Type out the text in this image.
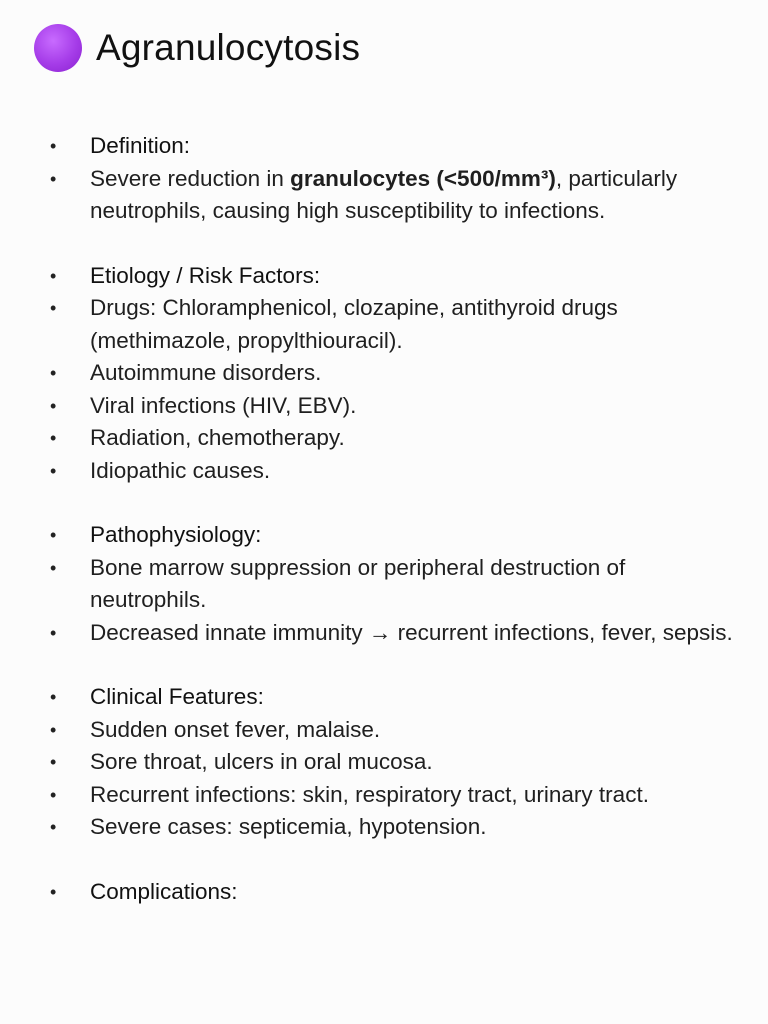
Agranulocytosis
•	Definition:
•	Severe reduction in granulocytes (<500/mm³), particularly neutrophils, causing high susceptibility to infections.
•	Etiology / Risk Factors:
•	Drugs: Chloramphenicol, clozapine, antithyroid drugs (methimazole, propylthiouracil).
•	Autoimmune disorders.
•	Viral infections (HIV, EBV).
•	Radiation, chemotherapy.
•	Idiopathic causes.
•	Pathophysiology:
•	Bone marrow suppression or peripheral destruction of neutrophils.
•	Decreased innate immunity → recurrent infections, fever, sepsis.
•	Clinical Features:
•	Sudden onset fever, malaise.
•	Sore throat, ulcers in oral mucosa.
•	Recurrent infections: skin, respiratory tract, urinary tract.
•	Severe cases: septicemia, hypotension.
•	Complications:
